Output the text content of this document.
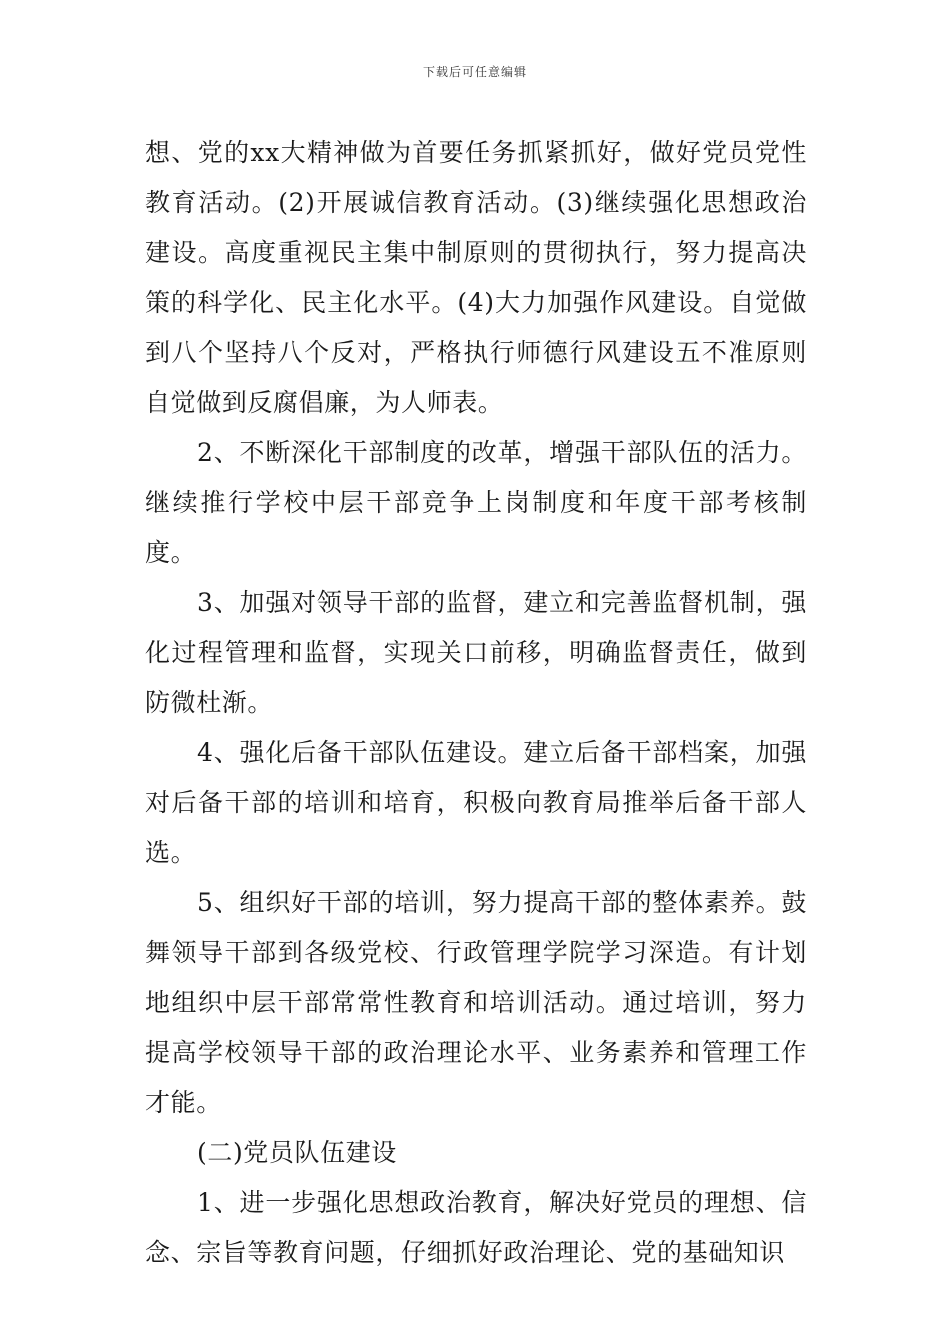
下载后可任意编辑

想、党的xx大精神做为首要任务抓紧抓好，做好党员党性教育活动。(2)开展诚信教育活动。(3)继续强化思想政治建设。高度重视民主集中制原则的贯彻执行，努力提高决策的科学化、民主化水平。(4)大力加强作风建设。自觉做到八个坚持八个反对，严格执行师德行风建设五不准原则自觉做到反腐倡廉，为人师表。

2、不断深化干部制度的改革，增强干部队伍的活力。继续推行学校中层干部竞争上岗制度和年度干部考核制度。

3、加强对领导干部的监督，建立和完善监督机制，强化过程管理和监督，实现关口前移，明确监督责任，做到防微杜渐。

4、强化后备干部队伍建设。建立后备干部档案，加强对后备干部的培训和培育，积极向教育局推举后备干部人选。

5、组织好干部的培训，努力提高干部的整体素养。鼓舞领导干部到各级党校、行政管理学院学习深造。有计划地组织中层干部常常性教育和培训活动。通过培训，努力提高学校领导干部的政治理论水平、业务素养和管理工作才能。

(二)党员队伍建设

1、进一步强化思想政治教育，解决好党员的理想、信念、宗旨等教育问题，仔细抓好政治理论、党的基础知识
